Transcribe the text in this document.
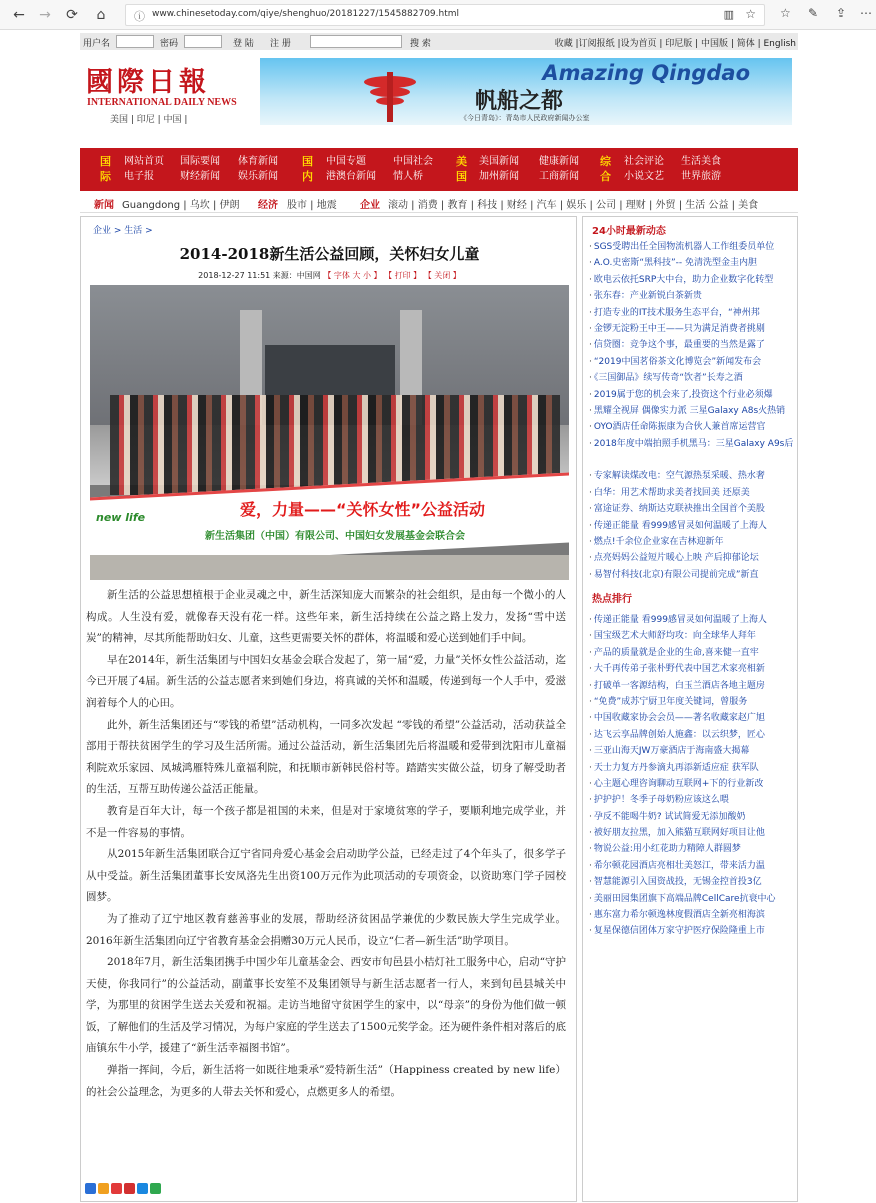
← → ⟳	⌂	ⓘ www.chinesetoday.com/qiye/shenghuo/20181227/1545882709.html	▥ ☆ ☆ ✎ ⇪ ⋯
用户名	密码	登 陆 注 册	搜 索	收藏 |订阅报纸 |设为首页 | 印尼版 | 中国版 | 简体 | English
國際日報
INTERNATIONAL DAILY NEWS
美国 | 印尼 | 中国 |
Amazing Qingdao
帆船之都
《今日青岛》：青岛市人民政府新闻办公室
国际
网站首页 国际要闻 体育新闻
电子报	财经新闻 娱乐新闻
国内
中国专题	中国社会
港澳台新闻 情人桥
美国
美国新闻 健康新闻
加州新闻 工商新闻
综合
社会评论 生活美食
小说文艺 世界旅游
新闻 Guangdong | 乌坎 | 伊朗 经济 股市 | 地震 企业 滚动 | 消费 | 教育 | 科技 | 财经 | 汽车 | 娱乐 | 公司 | 理财 | 外贸 | 生活 公益 | 美食
企业 > 生活 >
2014-2018新生活公益回顾，关怀妇女儿童
2018-12-27 11:51 来源：中国网 【 字体 大 小 】 【 打印 】 【 关闭 】
爱，力量——“关怀女性”公益活动
新生活集团（中国）有限公司、中国妇女发展基金会联合会
new life

新生活的公益思想植根于企业灵魂之中，新生活深知庞大而繁杂的社会组织，是由每一个微小的人构成。人生没有爱，就像春天没有花一样。这些年来，新生活持续在公益之路上发力，发扬“雪中送炭”的精神，尽其所能帮助妇女、儿童，这些更需要关怀的群体，将温暖和爱心送到她们手中间。

早在2014年，新生活集团与中国妇女基金会联合发起了，第一届“爱，力量”关怀女性公益活动，迄今已开展了4届。新生活的公益志愿者来到她们身边，将真诚的关怀和温暖，传递到每一个人手中，爱滋润着每个人的心田。

此外，新生活集团还与“零钱的希望”活动机构，一同多次发起 “零钱的希望”公益活动，活动获益全部用于帮扶贫困学生的学习及生活所需。通过公益活动，新生活集团先后将温暖和爱带到沈阳市儿童福利院欢乐家园、凤城鸿雁特殊儿童福利院，和抚顺市新韩民俗村等。踏踏实实做公益，切身了解受助者的生活，互帮互助传递公益活正能量。

教育是百年大计，每一个孩子都是祖国的未来，但是对于家境贫寒的学子，要顺利地完成学业，并不是一件容易的事情。

从2015年新生活集团联合辽宁省同舟爱心基金会启动助学公益，已经走过了4个年头了，很多学子从中受益。新生活集团董事长安凤洛先生出资100万元作为此项活动的专项资金，以资助寒门学子园校圆梦。

为了推动了辽宁地区教育慈善事业的发展，帮助经济贫困品学兼优的少数民族大学生完成学业。2016年新生活集团向辽宁省教育基金会捐赠30万元人民币，设立“仁者—新生活”助学项目。

2018年7月，新生活集团携手中国少年儿童基金会、西安市旬邑县小桔灯社工服务中心，启动“守护天使，你我同行”的公益活动，副董事长安笙不及集团领导与新生活志愿者一行人，来到旬邑县城关中学，为那里的贫困学生送去关爱和祝福。走访当地留守贫困学生的家中，以“母亲”的身份为他们做一顿饭，了解他们的生活及学习情况，为每户家庭的学生送去了1500元奖学金。还为硬件条件相对落后的底庙镇东牛小学，援建了“新生活幸福图书馆”。

弹指一挥间，今后，新生活将一如既往地秉承”爱特新生活”（Happiness created by new life）的社会公益理念，为更多的人带去关怀和爱心，点燃更多人的希望。

24小时最新动态
· SGS受聘出任全国物流机器人工作组委员单位
· A.O.史密斯“黑科技”-- 免清洗型金圭内胆
· 欧电云依托SRP大中台，助力企业数字化转型
· 张东春：产业新锐白茶新贵
· 打造专业的IT技术服务生态平台，“神州邦
· 金锣无淀粉王中王——只为满足消费者挑剔
· 信贷圈：竞争这个事，最重要的当然是露了
· “2019中国茗俗茶文化博览会”新闻发布会
· 《三国御品》续写传奇“饮者”长寿之酒
· 2019属于您的机会来了,投资这个行业必须爆
· 黑耀全视屏 偶像实力派 三星Galaxy A8s火热销
· OYO酒店任命陈振康为合伙人兼首席运营官
· 2018年度中端拍照手机黑马：三星Galaxy A9s后
· 专家解读煤改电：空气源热泵采暖、热水奢
· 白华：用艺术帮助求美者找回美 还原美
· 富途证券、纳斯达克联袂推出全国首个美股
· 传递正能量 看999感冒灵如何温暖了上海人
· 燃点!千余位企业家在吉林迎新年
· 点亮妈妈公益短片暖心上映 产后抑郁论坛
· 易智付科技(北京)有限公司提前完成”新直
热点排行
· 传递正能量 看999感冒灵如何温暖了上海人
· 国宝级艺术大师舒均攻：向全球华人拜年
· 产品的质量就是企业的生命,喜来健一直牢
· 大千再传弟子张朴野代表中国艺术家亮相新
· 打破单一客源结构，白玉兰酒店各地主题房
· “免费”成苏宁厨卫年度关键词，曾服务
· 中国收藏家协会会员——著名收藏家赵广旭
· 达飞云享品牌创始人施鑫：以云织梦，匠心
· 三亚山海天JW万豪酒店于海南盛大揭幕
· 天士力复方丹参滴丸再添新适应症 获军队
· 心主题心理咨询聊动互联网+下的行业新改
· 护护护！冬季子母奶粉应该这么喂
· 孕反不能喝牛奶? 试试简爱无添加酸奶
· 被好朋友拉黑，加入熊猫互联网好项目让他
· 物说公益:用小红花助力精障人群圆梦
· 希尔顿花园酒店亮相壮美怒江，带来活力温
· 智慧能源引入国资战投，无锡金控首投3亿
· 美丽田园集团旗下高端品牌CellCare抗衰中心
· 惠东富力希尔顿逸林度假酒店全新亮相海滨
· 复星保德信团体万家守护医疗保险隆重上市
